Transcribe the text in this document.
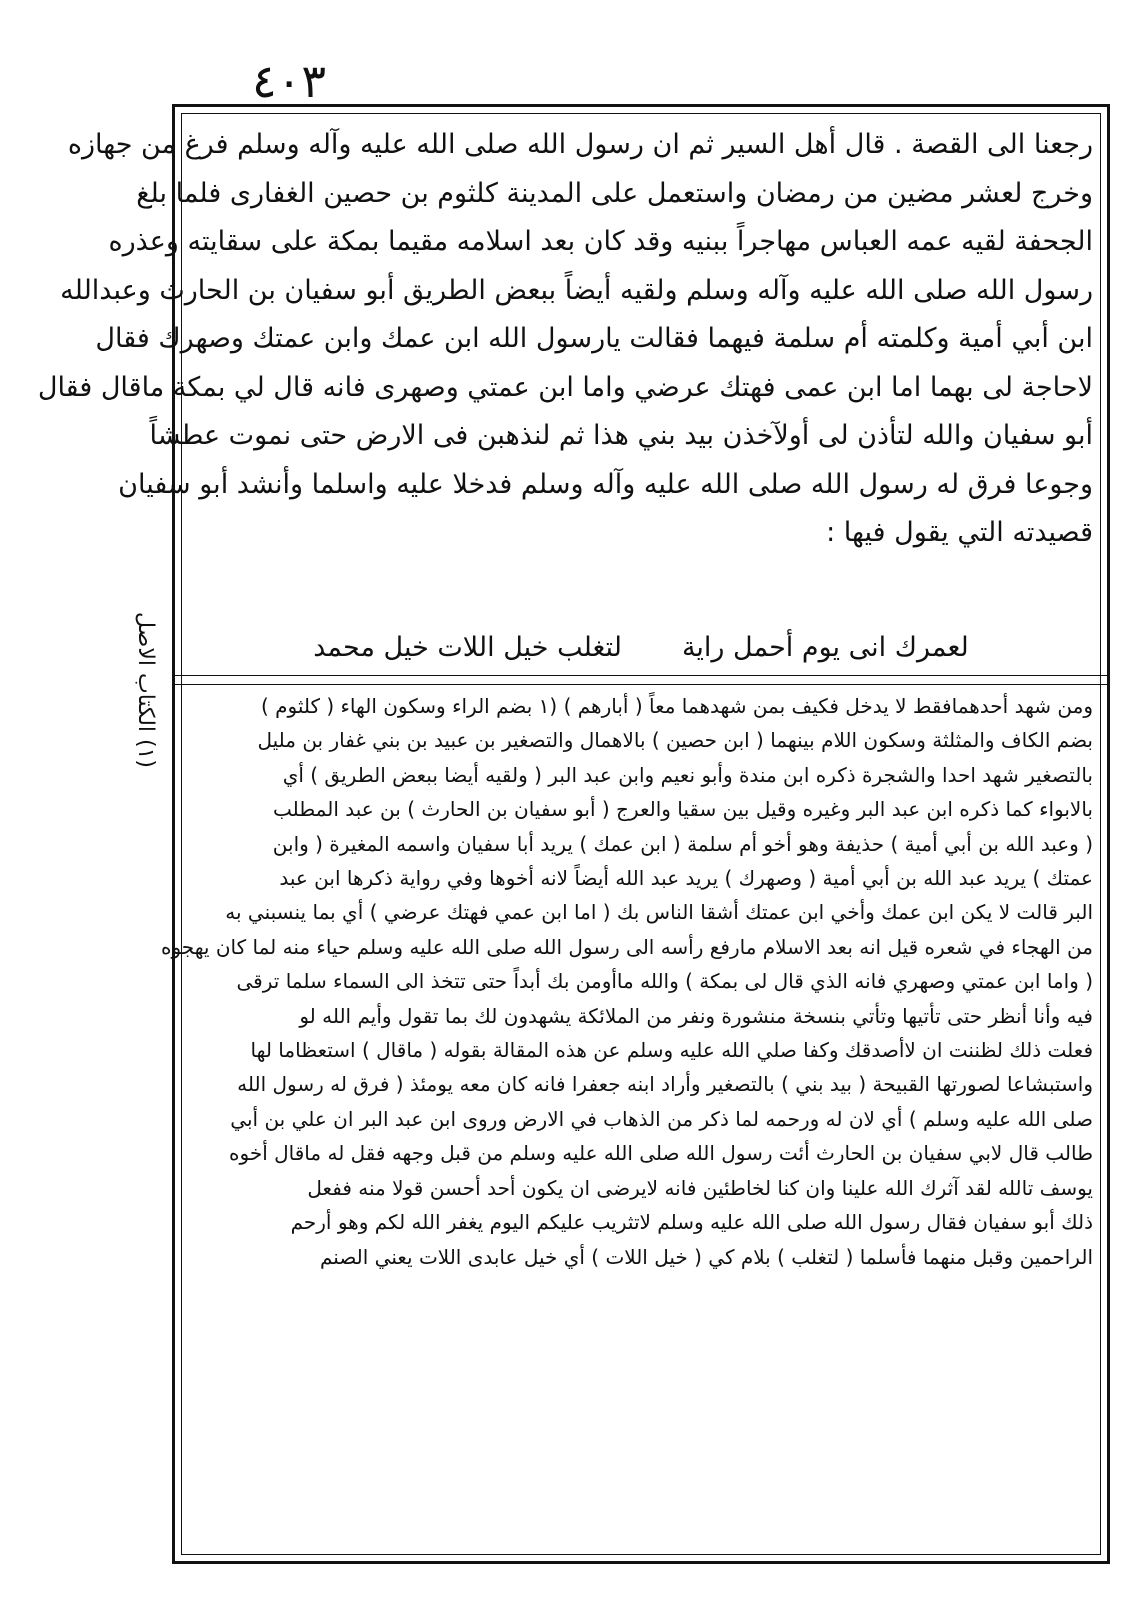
٤٠٣
(١) الكتاب الاصل
رجعنا الى القصة . قال أهل السير ثم ان رسول الله صلى الله عليه وآله وسلم فرغ من جهازه
وخرج لعشر مضين من رمضان واستعمل على المدينة كلثوم بن حصين الغفارى فلما بلغ
الجحفة لقيه عمه العباس مهاجراً ببنيه وقد كان بعد اسلامه مقيما بمكة على سقايته وعذره
رسول الله صلى الله عليه وآله وسلم ولقيه أيضاً ببعض الطريق أبو سفيان بن الحارث وعبدالله
ابن أبي أمية وكلمته أم سلمة فيهما فقالت يارسول الله ابن عمك وابن عمتك وصهرك فقال
لاحاجة لى بهما اما ابن عمى فهتك عرضي واما ابن عمتي وصهرى فانه قال لي بمكة ماقال فقال
أبو سفيان والله لتأذن لى أولآخذن بيد بني هذا ثم لنذهبن فى الارض حتى نموت عطشاً
وجوعا فرق له رسول الله صلى الله عليه وآله وسلم فدخلا عليه واسلما وأنشد أبو سفيان
قصيدته التي يقول فيها :
لعمرك انى يوم أحمل راية
لتغلب خيل اللات خيل محمد
ومن شهد أحدهمافقط لا يدخل فكيف بمن شهدهما معاً ( أبارهم ) (١ بضم الراء وسكون الهاء ( كلثوم )
بضم الكاف والمثلثة وسكون اللام بينهما ( ابن حصين ) بالاهمال والتصغير بن عبيد بن بني غفار بن مليل
بالتصغير شهد احدا والشجرة ذكره ابن مندة وأبو نعيم وابن عبد البر ( ولقيه أيضا ببعض الطريق ) أي
بالابواء كما ذكره ابن عبد البر وغيره وقيل بين سقيا والعرج ( أبو سفيان بن الحارث ) بن عبد المطلب
( وعبد الله بن أبي أمية ) حذيفة وهو أخو أم سلمة ( ابن عمك ) يريد أبا سفيان واسمه المغيرة ( وابن
عمتك ) يريد عبد الله بن أبي أمية ( وصهرك ) يريد عبد الله أيضاً لانه أخوها وفي رواية ذكرها ابن عبد
البر قالت لا يكن ابن عمك وأخي ابن عمتك أشقا الناس بك ( اما ابن عمي فهتك عرضي ) أي بما ينسبني به
من الهجاء في شعره قيل انه بعد الاسلام مارفع رأسه الى رسول الله صلى الله عليه وسلم حياء منه لما كان يهجوه
( واما ابن عمتي وصهري فانه الذي قال لى بمكة ) والله ماأومن بك أبداً حتى تتخذ الى السماء سلما ترقى
فيه وأنا أنظر حتى تأتيها وتأتي بنسخة منشورة ونفر من الملائكة يشهدون لك بما تقول وأيم الله لو
فعلت ذلك لظننت ان لاأصدقك وكفا صلي الله عليه وسلم عن هذه المقالة بقوله ( ماقال ) استعظاما لها
واستبشاعا لصورتها القبيحة ( بيد بني ) بالتصغير وأراد ابنه جعفرا فانه كان معه يومئذ ( فرق له رسول الله
صلى الله عليه وسلم ) أي لان له ورحمه لما ذكر من الذهاب في الارض وروى ابن عبد البر ان علي بن أبي
طالب قال لابي سفيان بن الحارث أئت رسول الله صلى الله عليه وسلم من قبل وجهه فقل له ماقال أخوه
يوسف تالله لقد آثرك الله علينا وان كنا لخاطئين فانه لايرضى ان يكون أحد أحسن قولا منه ففعل
ذلك أبو سفيان فقال رسول الله صلى الله عليه وسلم لاتثريب عليكم اليوم يغفر الله لكم وهو أرحم
الراحمين وقبل منهما فأسلما ( لتغلب ) بلام كي ( خيل اللات ) أي خيل عابدى اللات يعني الصنم
